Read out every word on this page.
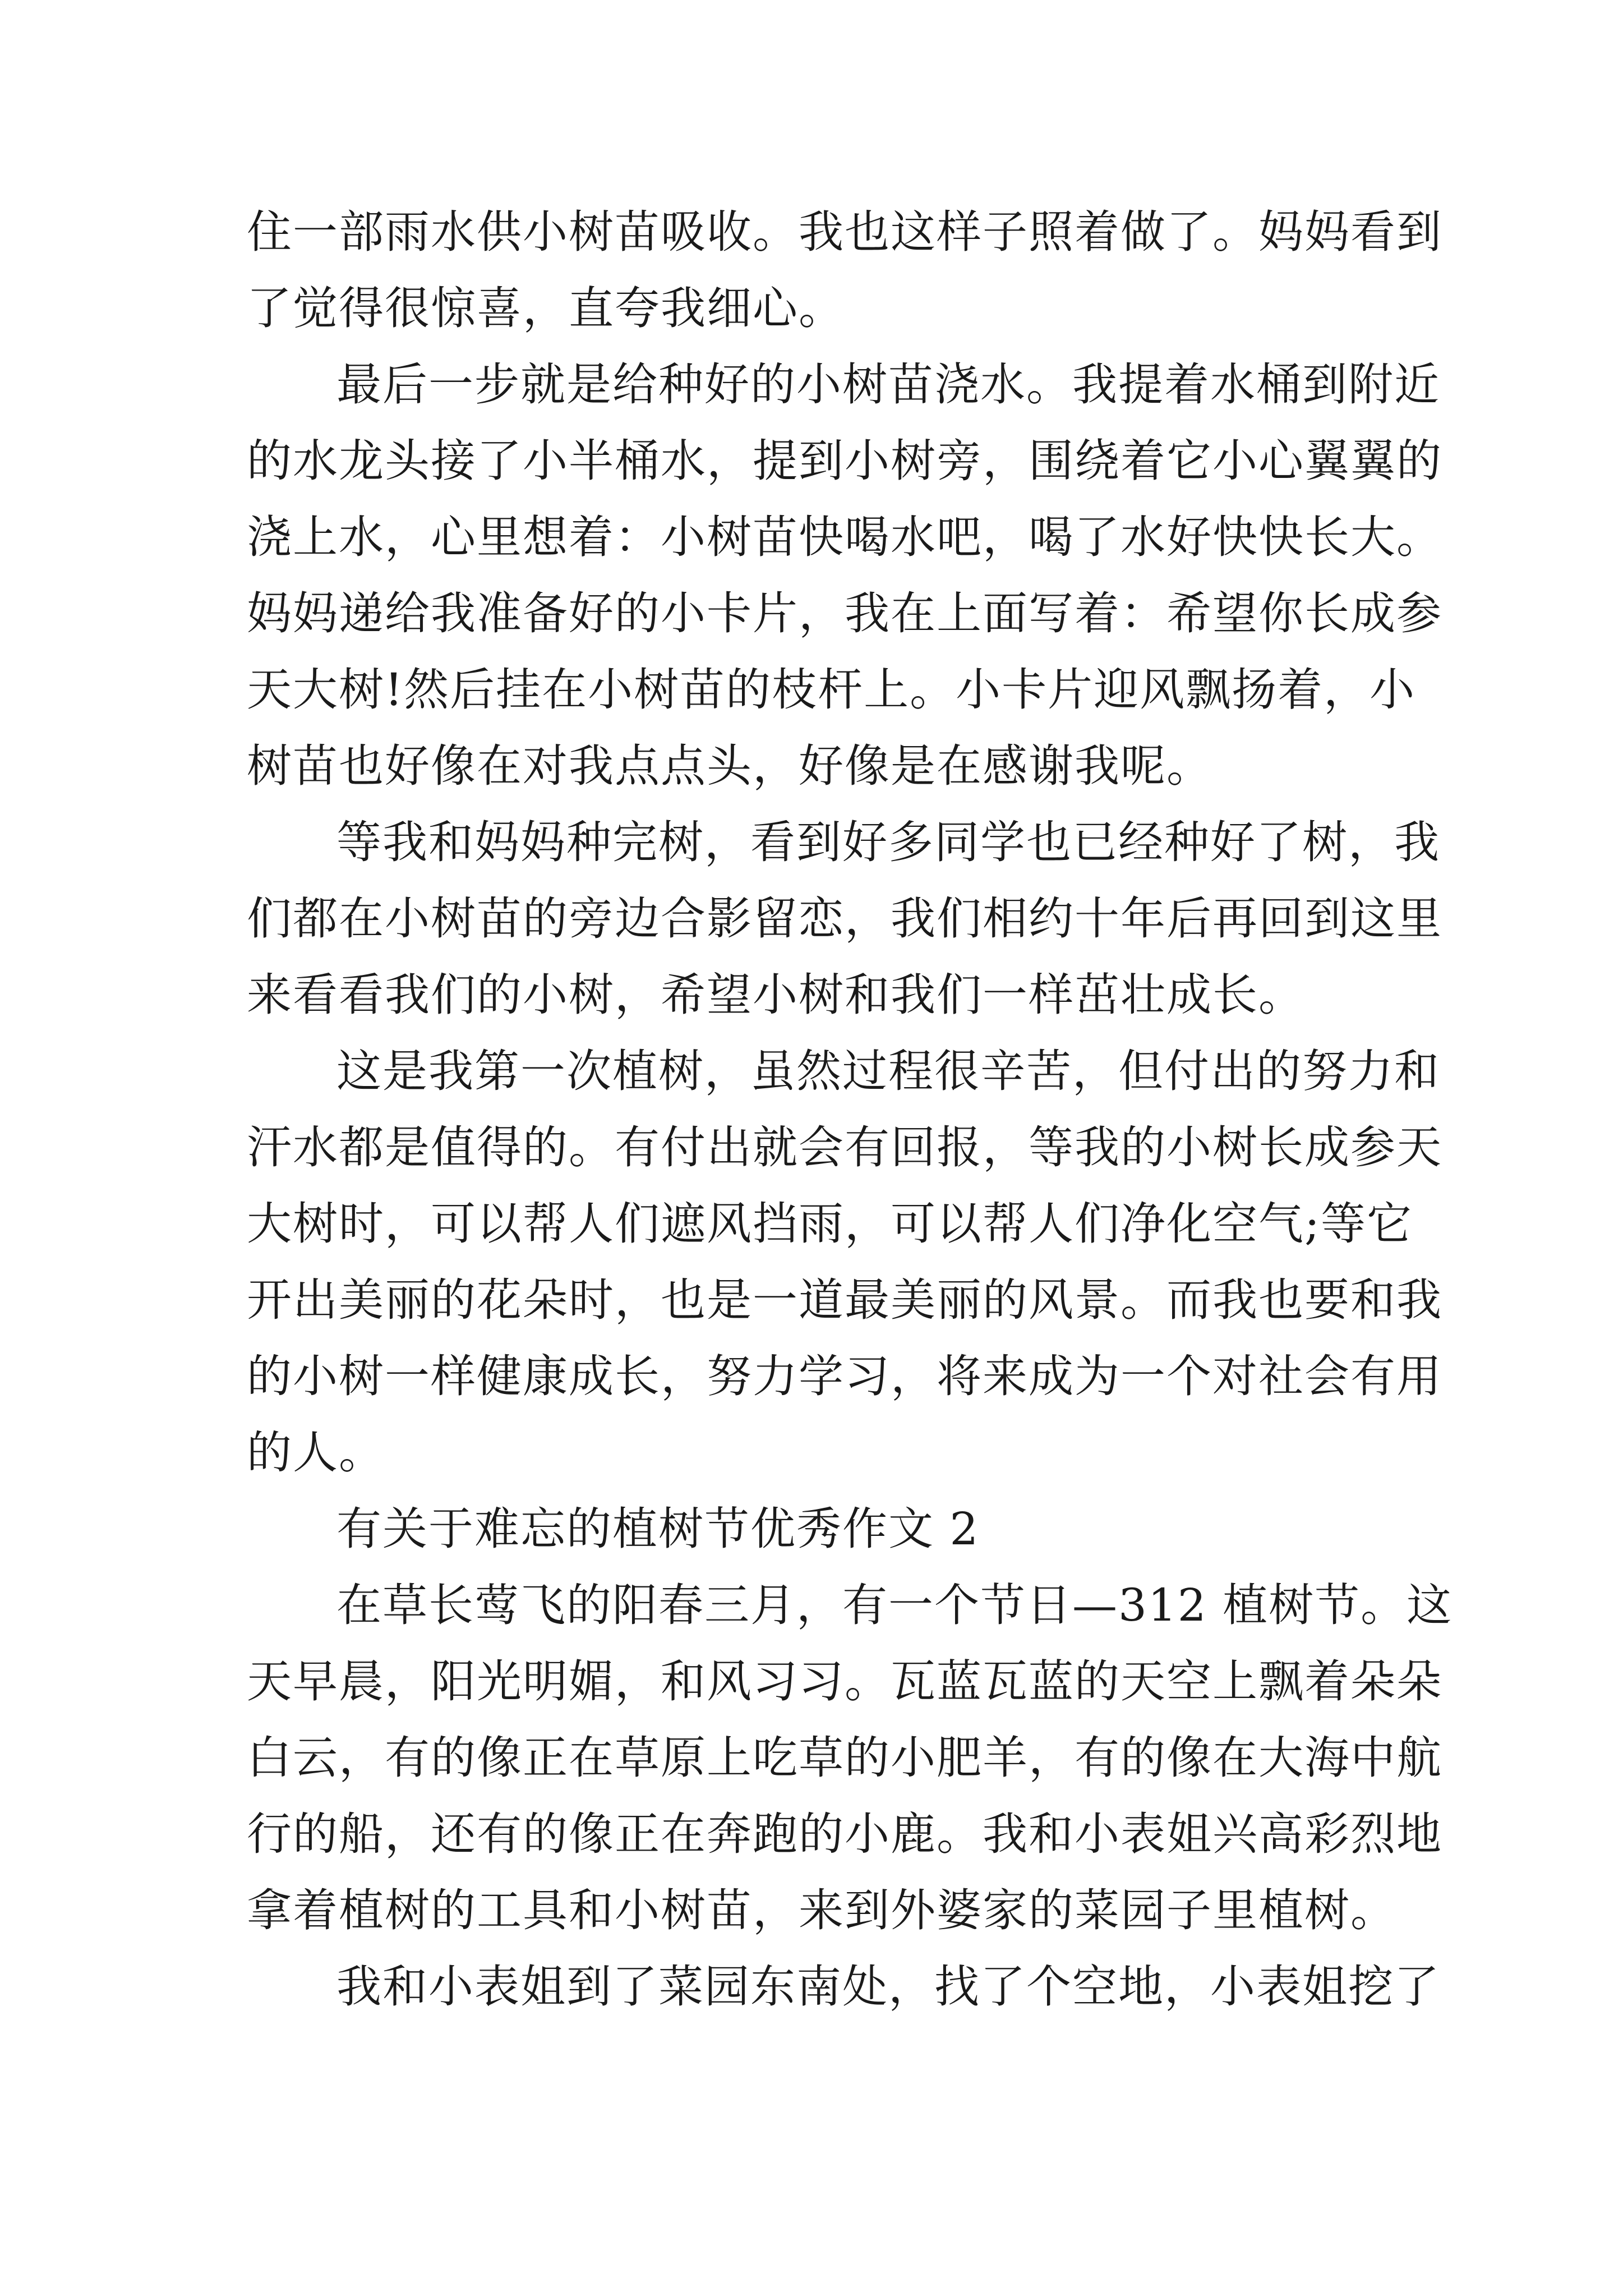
住一部雨水供小树苗吸收。我也这样子照着做了。妈妈看到
了觉得很惊喜，直夸我细心。
最后一步就是给种好的小树苗浇水。我提着水桶到附近
的水龙头接了小半桶水，提到小树旁，围绕着它小心翼翼的
浇上水，心里想着：小树苗快喝水吧，喝了水好快快长大。
妈妈递给我准备好的小卡片，我在上面写着：希望你长成参
天大树!然后挂在小树苗的枝杆上。小卡片迎风飘扬着，小
树苗也好像在对我点点头，好像是在感谢我呢。
等我和妈妈种完树，看到好多同学也已经种好了树，我
们都在小树苗的旁边合影留恋，我们相约十年后再回到这里
来看看我们的小树，希望小树和我们一样茁壮成长。
这是我第一次植树，虽然过程很辛苦，但付出的努力和
汗水都是值得的。有付出就会有回报，等我的小树长成参天
大树时，可以帮人们遮风挡雨，可以帮人们净化空气;等它
开出美丽的花朵时，也是一道最美丽的风景。而我也要和我
的小树一样健康成长，努力学习，将来成为一个对社会有用
的人。
有关于难忘的植树节优秀作文 2
在草长莺飞的阳春三月，有一个节日—312 植树节。这
天早晨，阳光明媚，和风习习。瓦蓝瓦蓝的天空上飘着朵朵
白云，有的像正在草原上吃草的小肥羊，有的像在大海中航
行的船，还有的像正在奔跑的小鹿。我和小表姐兴高彩烈地
拿着植树的工具和小树苗，来到外婆家的菜园子里植树。
我和小表姐到了菜园东南处，找了个空地，小表姐挖了
